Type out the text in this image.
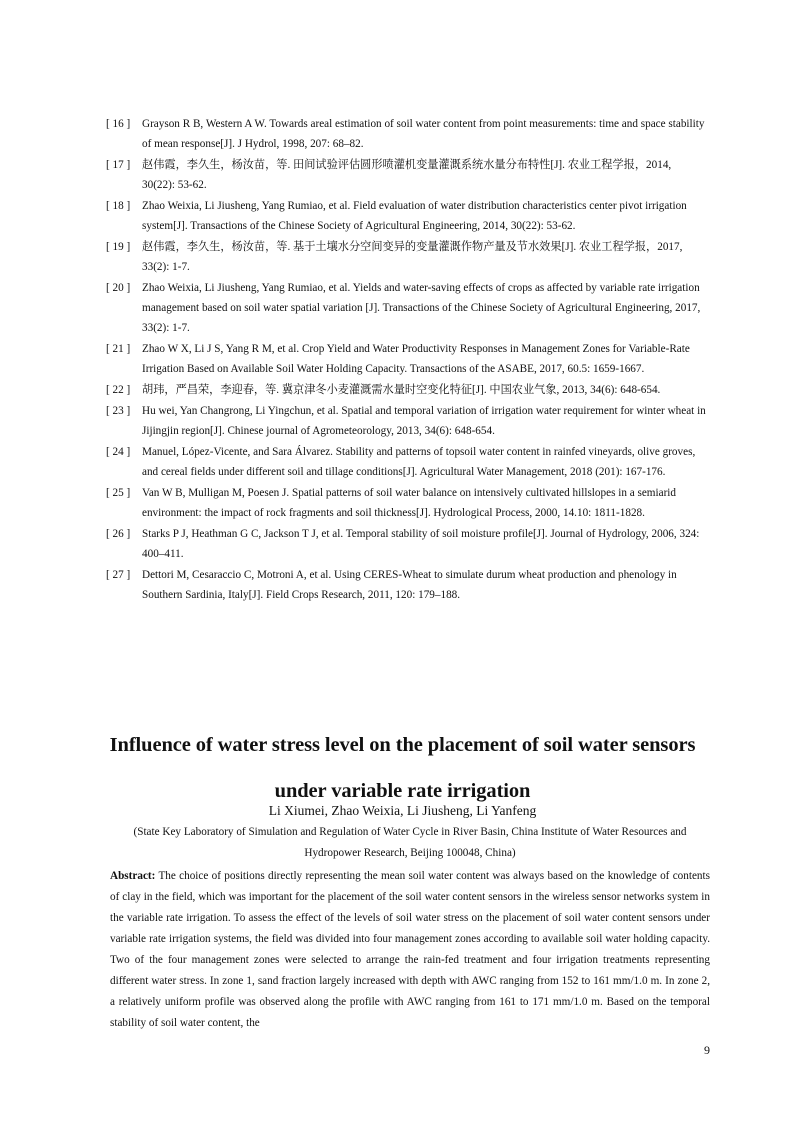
[ 16 ]	Grayson R B, Western A W. Towards areal estimation of soil water content from point measurements: time and space stability of mean response[J]. J Hydrol, 1998, 207: 68–82.
[ 17 ]	赵伟霞，李久生，杨汝苗，等. 田间试验评估圆形喷灌机变量灌溉系统水量分布特性[J]. 农业工程学报，2014, 30(22): 53-62.
[ 18 ]	Zhao Weixia, Li Jiusheng, Yang Rumiao, et al. Field evaluation of water distribution characteristics center pivot irrigation system[J]. Transactions of the Chinese Society of Agricultural Engineering, 2014, 30(22): 53-62.
[ 19 ]	赵伟霞，李久生，杨汝苗，等. 基于土壤水分空间变异的变量灌溉作物产量及节水效果[J]. 农业工程学报，2017, 33(2): 1-7.
[ 20 ]	Zhao Weixia, Li Jiusheng, Yang Rumiao, et al. Yields and water-saving effects of crops as affected by variable rate irrigation management based on soil water spatial variation [J]. Transactions of the Chinese Society of Agricultural Engineering, 2017, 33(2): 1-7.
[ 21 ]	Zhao W X, Li J S, Yang R M, et al. Crop Yield and Water Productivity Responses in Management Zones for Variable-Rate Irrigation Based on Available Soil Water Holding Capacity. Transactions of the ASABE, 2017, 60.5: 1659-1667.
[ 22 ]	胡玮，严昌荣，李迎春，等. 冀京津冬小麦灌溉需水量时空变化特征[J]. 中国农业气象, 2013, 34(6): 648-654.
[ 23 ]	Hu wei, Yan Changrong, Li Yingchun, et al. Spatial and temporal variation of irrigation water requirement for winter wheat in Jijingjin region[J]. Chinese journal of Agrometeorology, 2013, 34(6): 648-654.
[ 24 ]	Manuel, López-Vicente, and Sara Álvarez. Stability and patterns of topsoil water content in rainfed vineyards, olive groves, and cereal fields under different soil and tillage conditions[J]. Agricultural Water Management, 2018 (201): 167-176.
[ 25 ]	Van W B, Mulligan M, Poesen J. Spatial patterns of soil water balance on intensively cultivated hillslopes in a semiarid environment: the impact of rock fragments and soil thickness[J]. Hydrological Process, 2000, 14.10: 1811-1828.
[ 26 ]	Starks P J, Heathman G C, Jackson T J, et al. Temporal stability of soil moisture profile[J]. Journal of Hydrology, 2006, 324: 400–411.
[ 27 ]	Dettori M, Cesaraccio C, Motroni A, et al. Using CERES-Wheat to simulate durum wheat production and phenology in Southern Sardinia, Italy[J]. Field Crops Research, 2011, 120: 179–188.
Influence of water stress level on the placement of soil water sensors under variable rate irrigation
Li Xiumei, Zhao Weixia, Li Jiusheng, Li Yanfeng
(State Key Laboratory of Simulation and Regulation of Water Cycle in River Basin, China Institute of Water Resources and Hydropower Research, Beijing 100048, China)
Abstract: The choice of positions directly representing the mean soil water content was always based on the knowledge of contents of clay in the field, which was important for the placement of the soil water content sensors in the wireless sensor networks system in the variable rate irrigation. To assess the effect of the levels of soil water stress on the placement of soil water content sensors under variable rate irrigation systems, the field was divided into four management zones according to available soil water holding capacity. Two of the four management zones were selected to arrange the rain-fed treatment and four irrigation treatments representing different water stress. In zone 1, sand fraction largely increased with depth with AWC ranging from 152 to 161 mm/1.0 m. In zone 2, a relatively uniform profile was observed along the profile with AWC ranging from 161 to 171 mm/1.0 m. Based on the temporal stability of soil water content, the
9
